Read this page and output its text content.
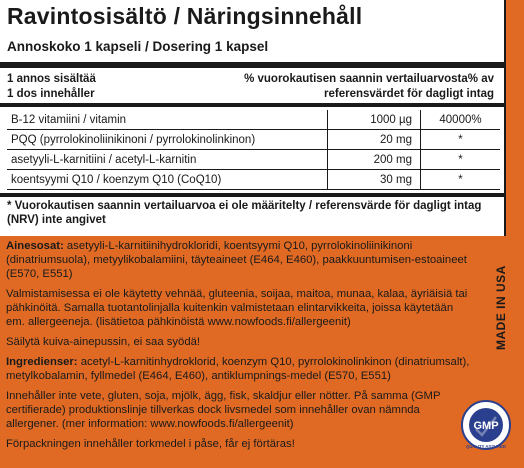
Ravintosisältö / Näringsinnehåll
Annoskoko 1 kapseli / Dosering 1 kapsel
1 annos sisältää
1 dos innehåller
% vuorokautisen saannin vertailuarvosta% av
referensvärdet för dagligt intag
B-12 vitamiini / vitamin	1000 µg	40000%
PQQ (pyrrolokinoliinikinoni / pyrrolokinolinkinon)	20 mg	*
asetyyli-L-karnitiini / acetyl-L-karnitin	200 mg	*
koentsyymi Q10 / koenzym Q10 (CoQ10)	30 mg	*
* Vuorokautisen saannin vertailuarvoa ei ole määritelty / referensvärde för dagligt intag (NRV) inte angivet

Ainesosat: asetyyli-L-karnitiinihydrokloridi, koentsyymi Q10, pyrrolokinoliinikinoni (dinatriumsuola), metyylikobalamiini, täyteaineet (E464, E460), paakkuuntumisen-estoaineet (E570, E551)

Valmistamisessa ei ole käytetty vehnää, gluteenia, soijaa, maitoa, munaa, kalaa, äyriäisiä tai pähkinöitä. Samalla tuotantolinjalla kuitenkin valmistetaan elintarvikkeita, joissa käytetään em. allergeeneja. (lisätietoa pähkinöistä www.nowfoods.fi/allergeenit)

Säilytä kuiva-ainepussin, ei saa syödä!

Ingredienser: acetyl-L-karnitinhydroklorid, koenzym Q10, pyrrolokinolinkinon (dinatriumsalt), metylkobalamin, fyllmedel (E464, E460), antiklumpnings-medel (E570, E551)

Innehåller inte vete, gluten, soja, mjölk, ägg, fisk, skaldjur eller nötter. På samma (GMP certifierade) produktionslinje tillverkas dock livsmedel som innehåller ovan nämnda allergener. (mer information: www.nowfoods.fi/allergeenit)

Förpackningen innehåller torkmedel i påse, får ej förtäras!

MADE IN USA
GMP
QUALITY ASSURED
